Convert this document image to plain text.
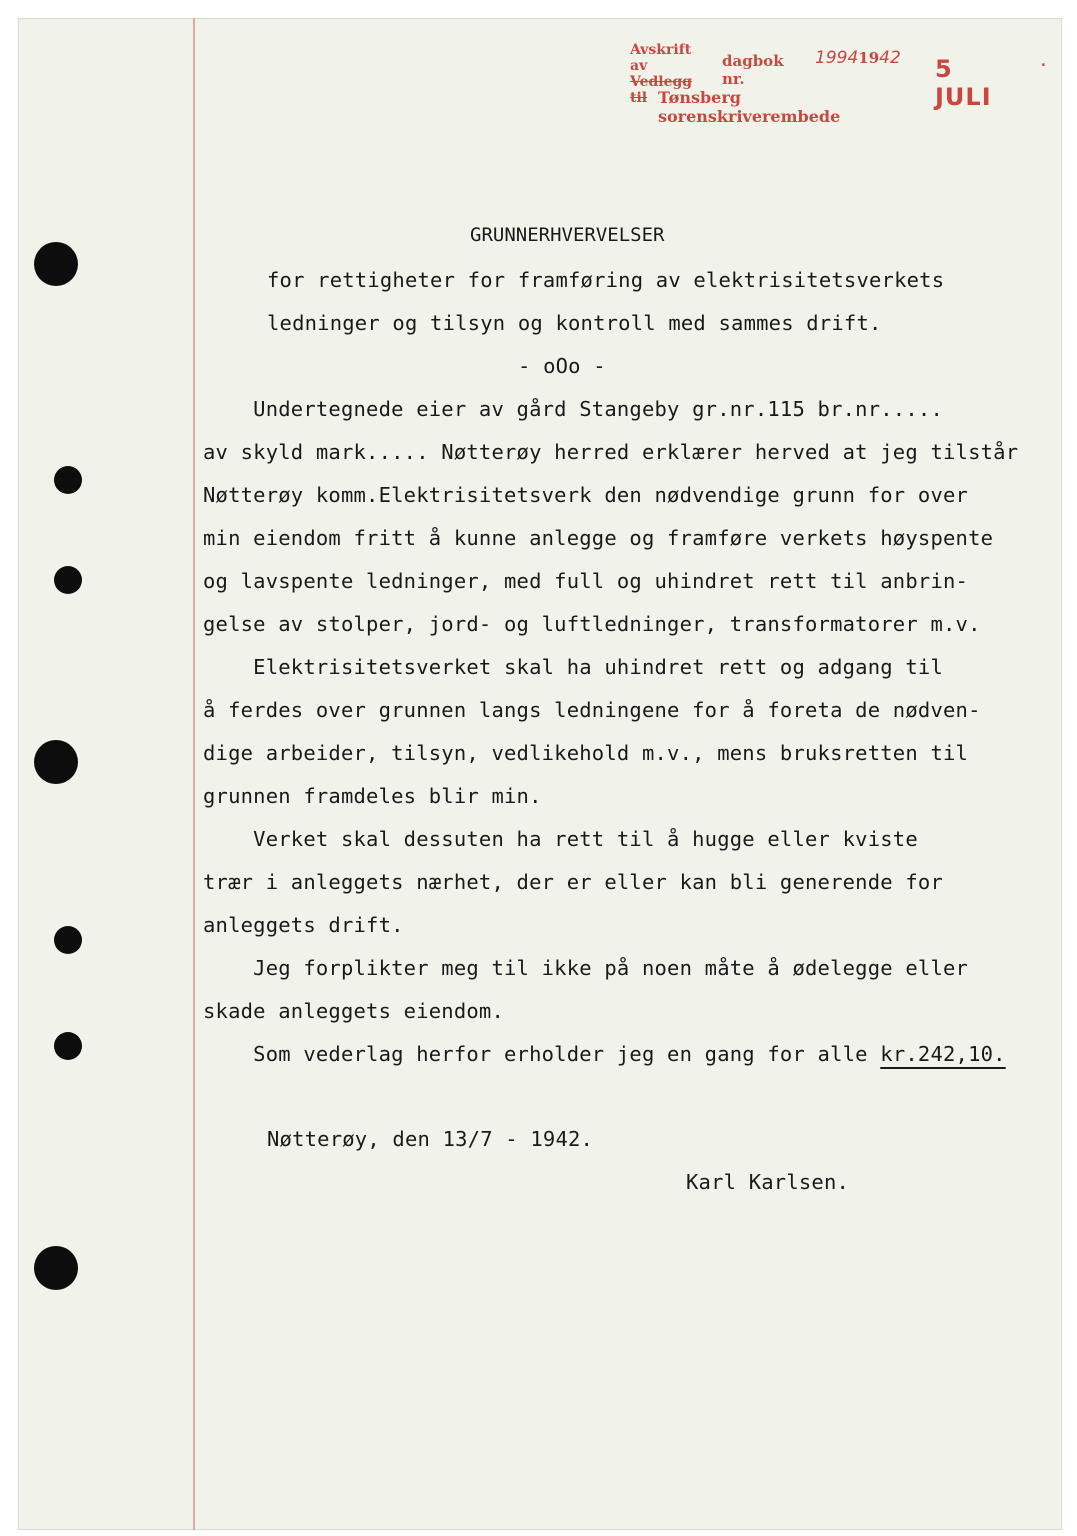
Avskrift av
Vedlegg til
dagbok nr.
19941942 5 JULI
Tønsberg sorenskriverembede
.
GRUNNERHVERVELSER
for rettigheter for framføring av elektrisitetsverkets
ledninger og tilsyn og kontroll med sammes drift.
- oOo -
Undertegnede eier av gård Stangeby gr.nr.115 br.nr.....
av skyld mark..... Nøtterøy herred erklærer herved at jeg tilstår
Nøtterøy komm.Elektrisitetsverk den nødvendige grunn for over
min eiendom fritt å kunne anlegge og framføre verkets høyspente
og lavspente ledninger, med full og uhindret rett til anbrin-
gelse av stolper, jord- og luftledninger, transformatorer m.v.
Elektrisitetsverket skal ha uhindret rett og adgang til
å ferdes over grunnen langs ledningene for å foreta de nødven-
dige arbeider, tilsyn, vedlikehold m.v., mens bruksretten til
grunnen framdeles blir min.
Verket skal dessuten ha rett til å hugge eller kviste
trær i anleggets nærhet, der er eller kan bli generende for
anleggets drift.
Jeg forplikter meg til ikke på noen måte å ødelegge eller
skade anleggets eiendom.
Som vederlag herfor erholder jeg en gang for alle kr.242,10.
Nøtterøy, den 13/7 - 1942.
Karl Karlsen.
